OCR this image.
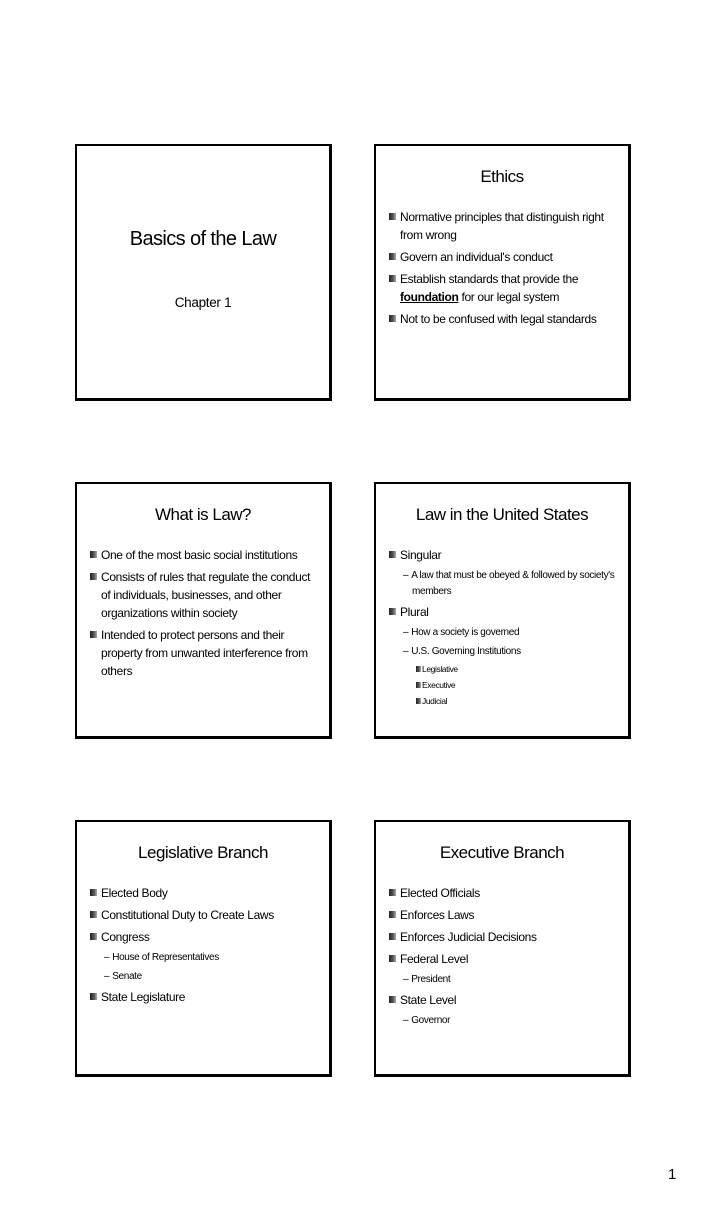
Basics of the Law
Chapter 1
Ethics
Normative principles that distinguish right from wrong
Govern an individual's conduct
Establish standards that provide the foundation for our legal system
Not to be confused with legal standards
What is Law?
One of the most basic social institutions
Consists of rules that regulate the conduct of individuals, businesses, and other organizations within society
Intended to protect persons and their property from unwanted interference from others
Law in the United States
Singular
– A law that must be obeyed & followed by society's members
Plural
– How a society is governed
– U.S. Governing Institutions
Legislative
Executive
Judicial
Legislative Branch
Elected Body
Constitutional Duty to Create Laws
Congress
– House of Representatives
– Senate
State Legislature
Executive Branch
Elected Officials
Enforces Laws
Enforces Judicial Decisions
Federal Level
– President
State Level
– Governor
1
